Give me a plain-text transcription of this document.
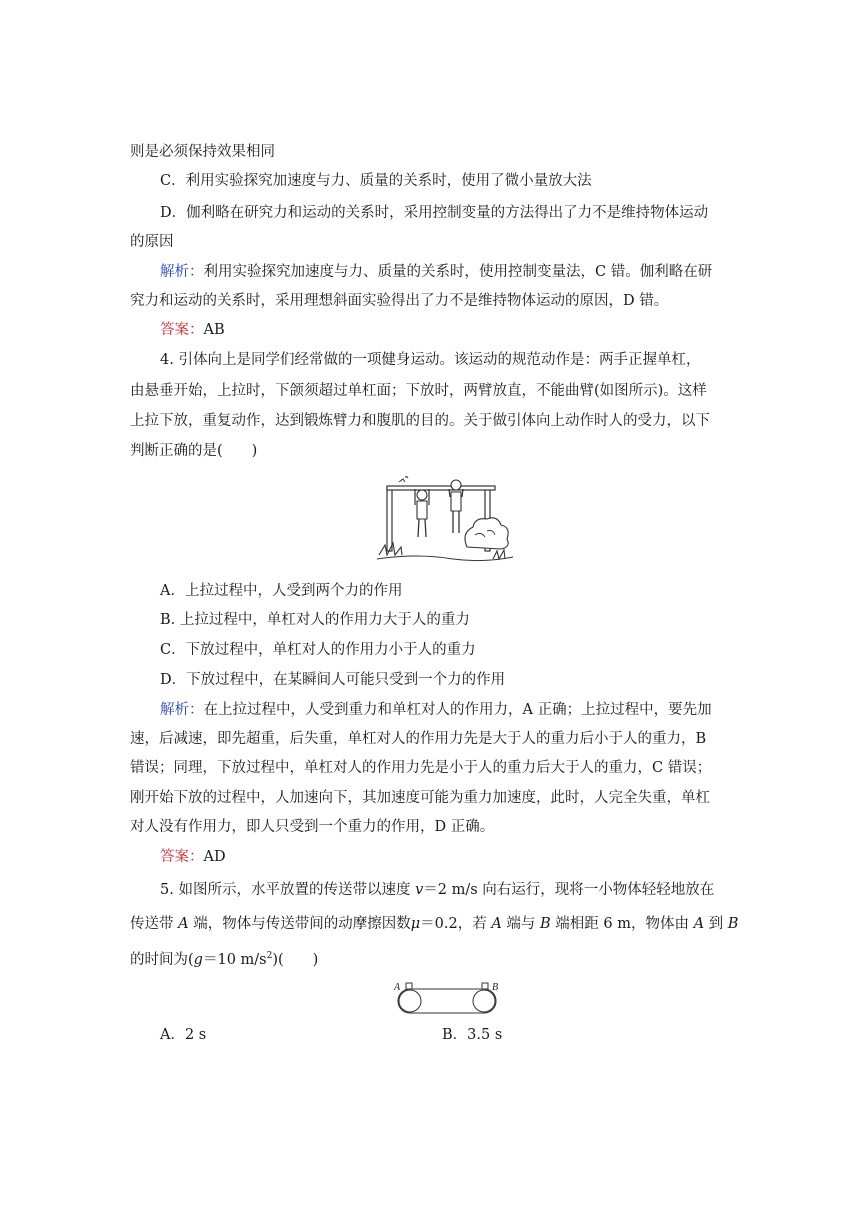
则是必须保持效果相同
C．利用实验探究加速度与力、质量的关系时，使用了微小量放大法
D．伽利略在研究力和运动的关系时，采用控制变量的方法得出了力不是维持物体运动
的原因
解析：利用实验探究加速度与力、质量的关系时，使用控制变量法，C 错。伽利略在研
究力和运动的关系时，采用理想斜面实验得出了力不是维持物体运动的原因，D 错。
答案：AB
4. 引体向上是同学们经常做的一项健身运动。该运动的规范动作是：两手正握单杠，
由悬垂开始，上拉时，下颌须超过单杠面；下放时，两臂放直，不能曲臂(如图所示)。这样
上拉下放，重复动作，达到锻炼臂力和腹肌的目的。关于做引体向上动作时人的受力，以下
判断正确的是(　　)
A．上拉过程中，人受到两个力的作用
B. 上拉过程中，单杠对人的作用力大于人的重力
C．下放过程中，单杠对人的作用力小于人的重力
D．下放过程中，在某瞬间人可能只受到一个力的作用
解析：在上拉过程中，人受到重力和单杠对人的作用力，A 正确；上拉过程中，要先加
速，后减速，即先超重，后失重，单杠对人的作用力先是大于人的重力后小于人的重力，B
错误；同理，下放过程中，单杠对人的作用力先是小于人的重力后大于人的重力，C 错误；
刚开始下放的过程中，人加速向下，其加速度可能为重力加速度，此时，人完全失重，单杠
对人没有作用力，即人只受到一个重力的作用，D 正确。
答案：AD
5. 如图所示，水平放置的传送带以速度 v＝2 m/s 向右运行，现将一小物体轻轻地放在
传送带 A 端，物体与传送带间的动摩擦因数μ＝0.2，若 A 端与 B 端相距 6 m，物体由 A 到 B
的时间为(g＝10 $m/s^2$)(　　)
A	B
A．2 s	B．3.5 s
